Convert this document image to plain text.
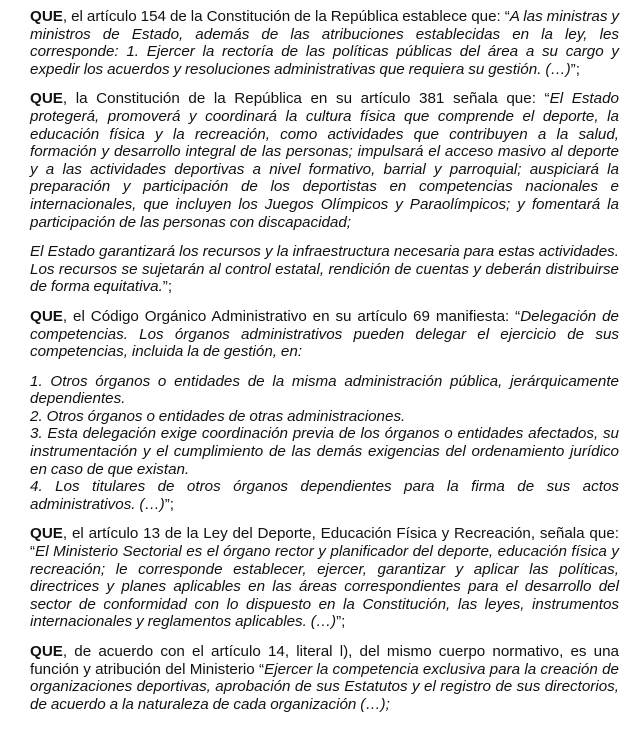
QUE, el artículo 154 de la Constitución de la República establece que: “A las ministras y ministros de Estado, además de las atribuciones establecidas en la ley, les corresponde: 1. Ejercer la rectoría de las políticas públicas del área a su cargo y expedir los acuerdos y resoluciones administrativas que requiera su gestión. (…)”;

QUE, la Constitución de la República en su artículo 381 señala que: “El Estado protegerá, promoverá y coordinará la cultura física que comprende el deporte, la educación física y la recreación, como actividades que contribuyen a la salud, formación y desarrollo integral de las personas; impulsará el acceso masivo al deporte y a las actividades deportivas a nivel formativo, barrial y parroquial; auspiciará la preparación y participación de los deportistas en competencias nacionales e internacionales, que incluyen los Juegos Olímpicos y Paraolímpicos; y fomentará la participación de las personas con discapacidad;

El Estado garantizará los recursos y la infraestructura necesaria para estas actividades. Los recursos se sujetarán al control estatal, rendición de cuentas y deberán distribuirse de forma equitativa.”;

QUE, el Código Orgánico Administrativo en su artículo 69 manifiesta: “Delegación de competencias. Los órganos administrativos pueden delegar el ejercicio de sus competencias, incluida la de gestión, en:

1. Otros órganos o entidades de la misma administración pública, jerárquicamente dependientes.

2. Otros órganos o entidades de otras administraciones.

3. Esta delegación exige coordinación previa de los órganos o entidades afectados, su instrumentación y el cumplimiento de las demás exigencias del ordenamiento jurídico en caso de que existan.

4. Los titulares de otros órganos dependientes para la firma de sus actos administrativos. (…)”;

QUE, el artículo 13 de la Ley del Deporte, Educación Física y Recreación, señala que: “El Ministerio Sectorial es el órgano rector y planificador del deporte, educación física y recreación; le corresponde establecer, ejercer, garantizar y aplicar las políticas, directrices y planes aplicables en las áreas correspondientes para el desarrollo del sector de conformidad con lo dispuesto en la Constitución, las leyes, instrumentos internacionales y reglamentos aplicables. (…)”;

QUE, de acuerdo con el artículo 14, literal l), del mismo cuerpo normativo, es una función y atribución del Ministerio “Ejercer la competencia exclusiva para la creación de organizaciones deportivas, aprobación de sus Estatutos y el registro de sus directorios, de acuerdo a la naturaleza de cada organización (…);
